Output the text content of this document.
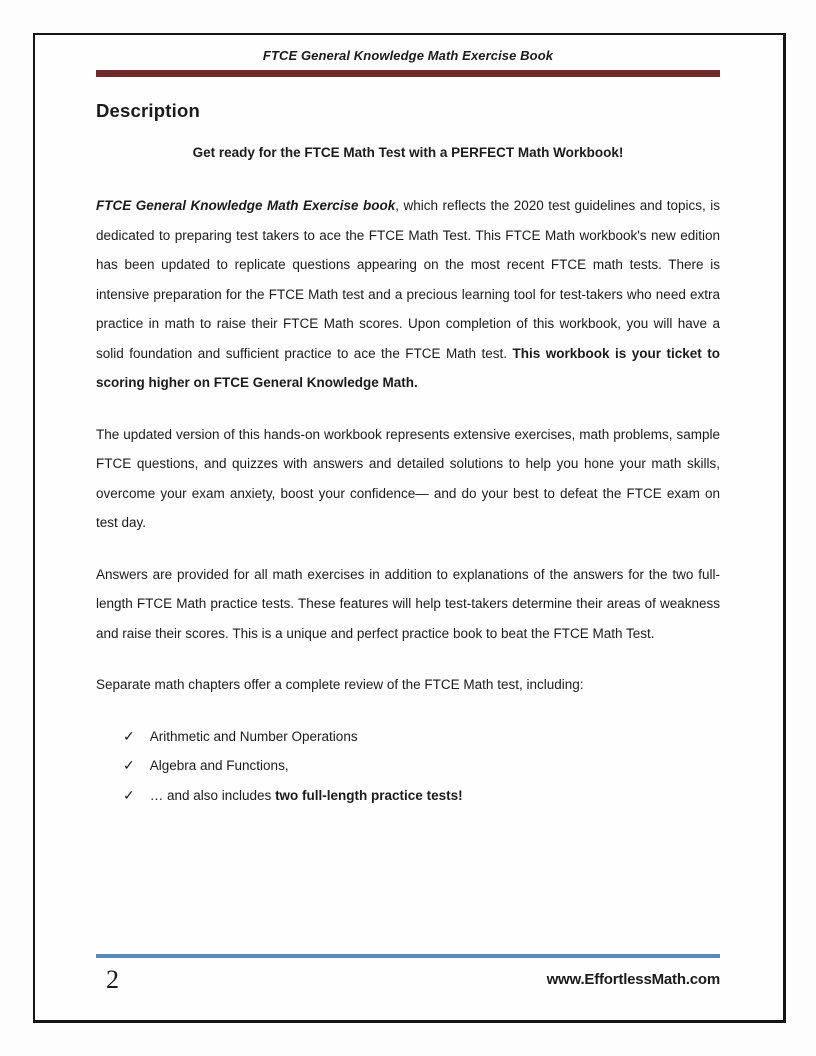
FTCE General Knowledge Math Exercise Book
Description

Get ready for the FTCE Math Test with a PERFECT Math Workbook!

FTCE General Knowledge Math Exercise book, which reflects the 2020 test guidelines and topics, is dedicated to preparing test takers to ace the FTCE Math Test. This FTCE Math workbook's new edition has been updated to replicate questions appearing on the most recent FTCE math tests. There is intensive preparation for the FTCE Math test and a precious learning tool for test-takers who need extra practice in math to raise their FTCE Math scores. Upon completion of this workbook, you will have a solid foundation and sufficient practice to ace the FTCE Math test. This workbook is your ticket to scoring higher on FTCE General Knowledge Math.

The updated version of this hands-on workbook represents extensive exercises, math problems, sample FTCE questions, and quizzes with answers and detailed solutions to help you hone your math skills, overcome your exam anxiety, boost your confidence— and do your best to defeat the FTCE exam on test day.

Answers are provided for all math exercises in addition to explanations of the answers for the two full-length FTCE Math practice tests. These features will help test-takers determine their areas of weakness and raise their scores. This is a unique and perfect practice book to beat the FTCE Math Test.

Separate math chapters offer a complete review of the FTCE Math test, including:

✓ Arithmetic and Number Operations
✓ Algebra and Functions,
✓ … and also includes two full-length practice tests!
2	www.EffortlessMath.com
